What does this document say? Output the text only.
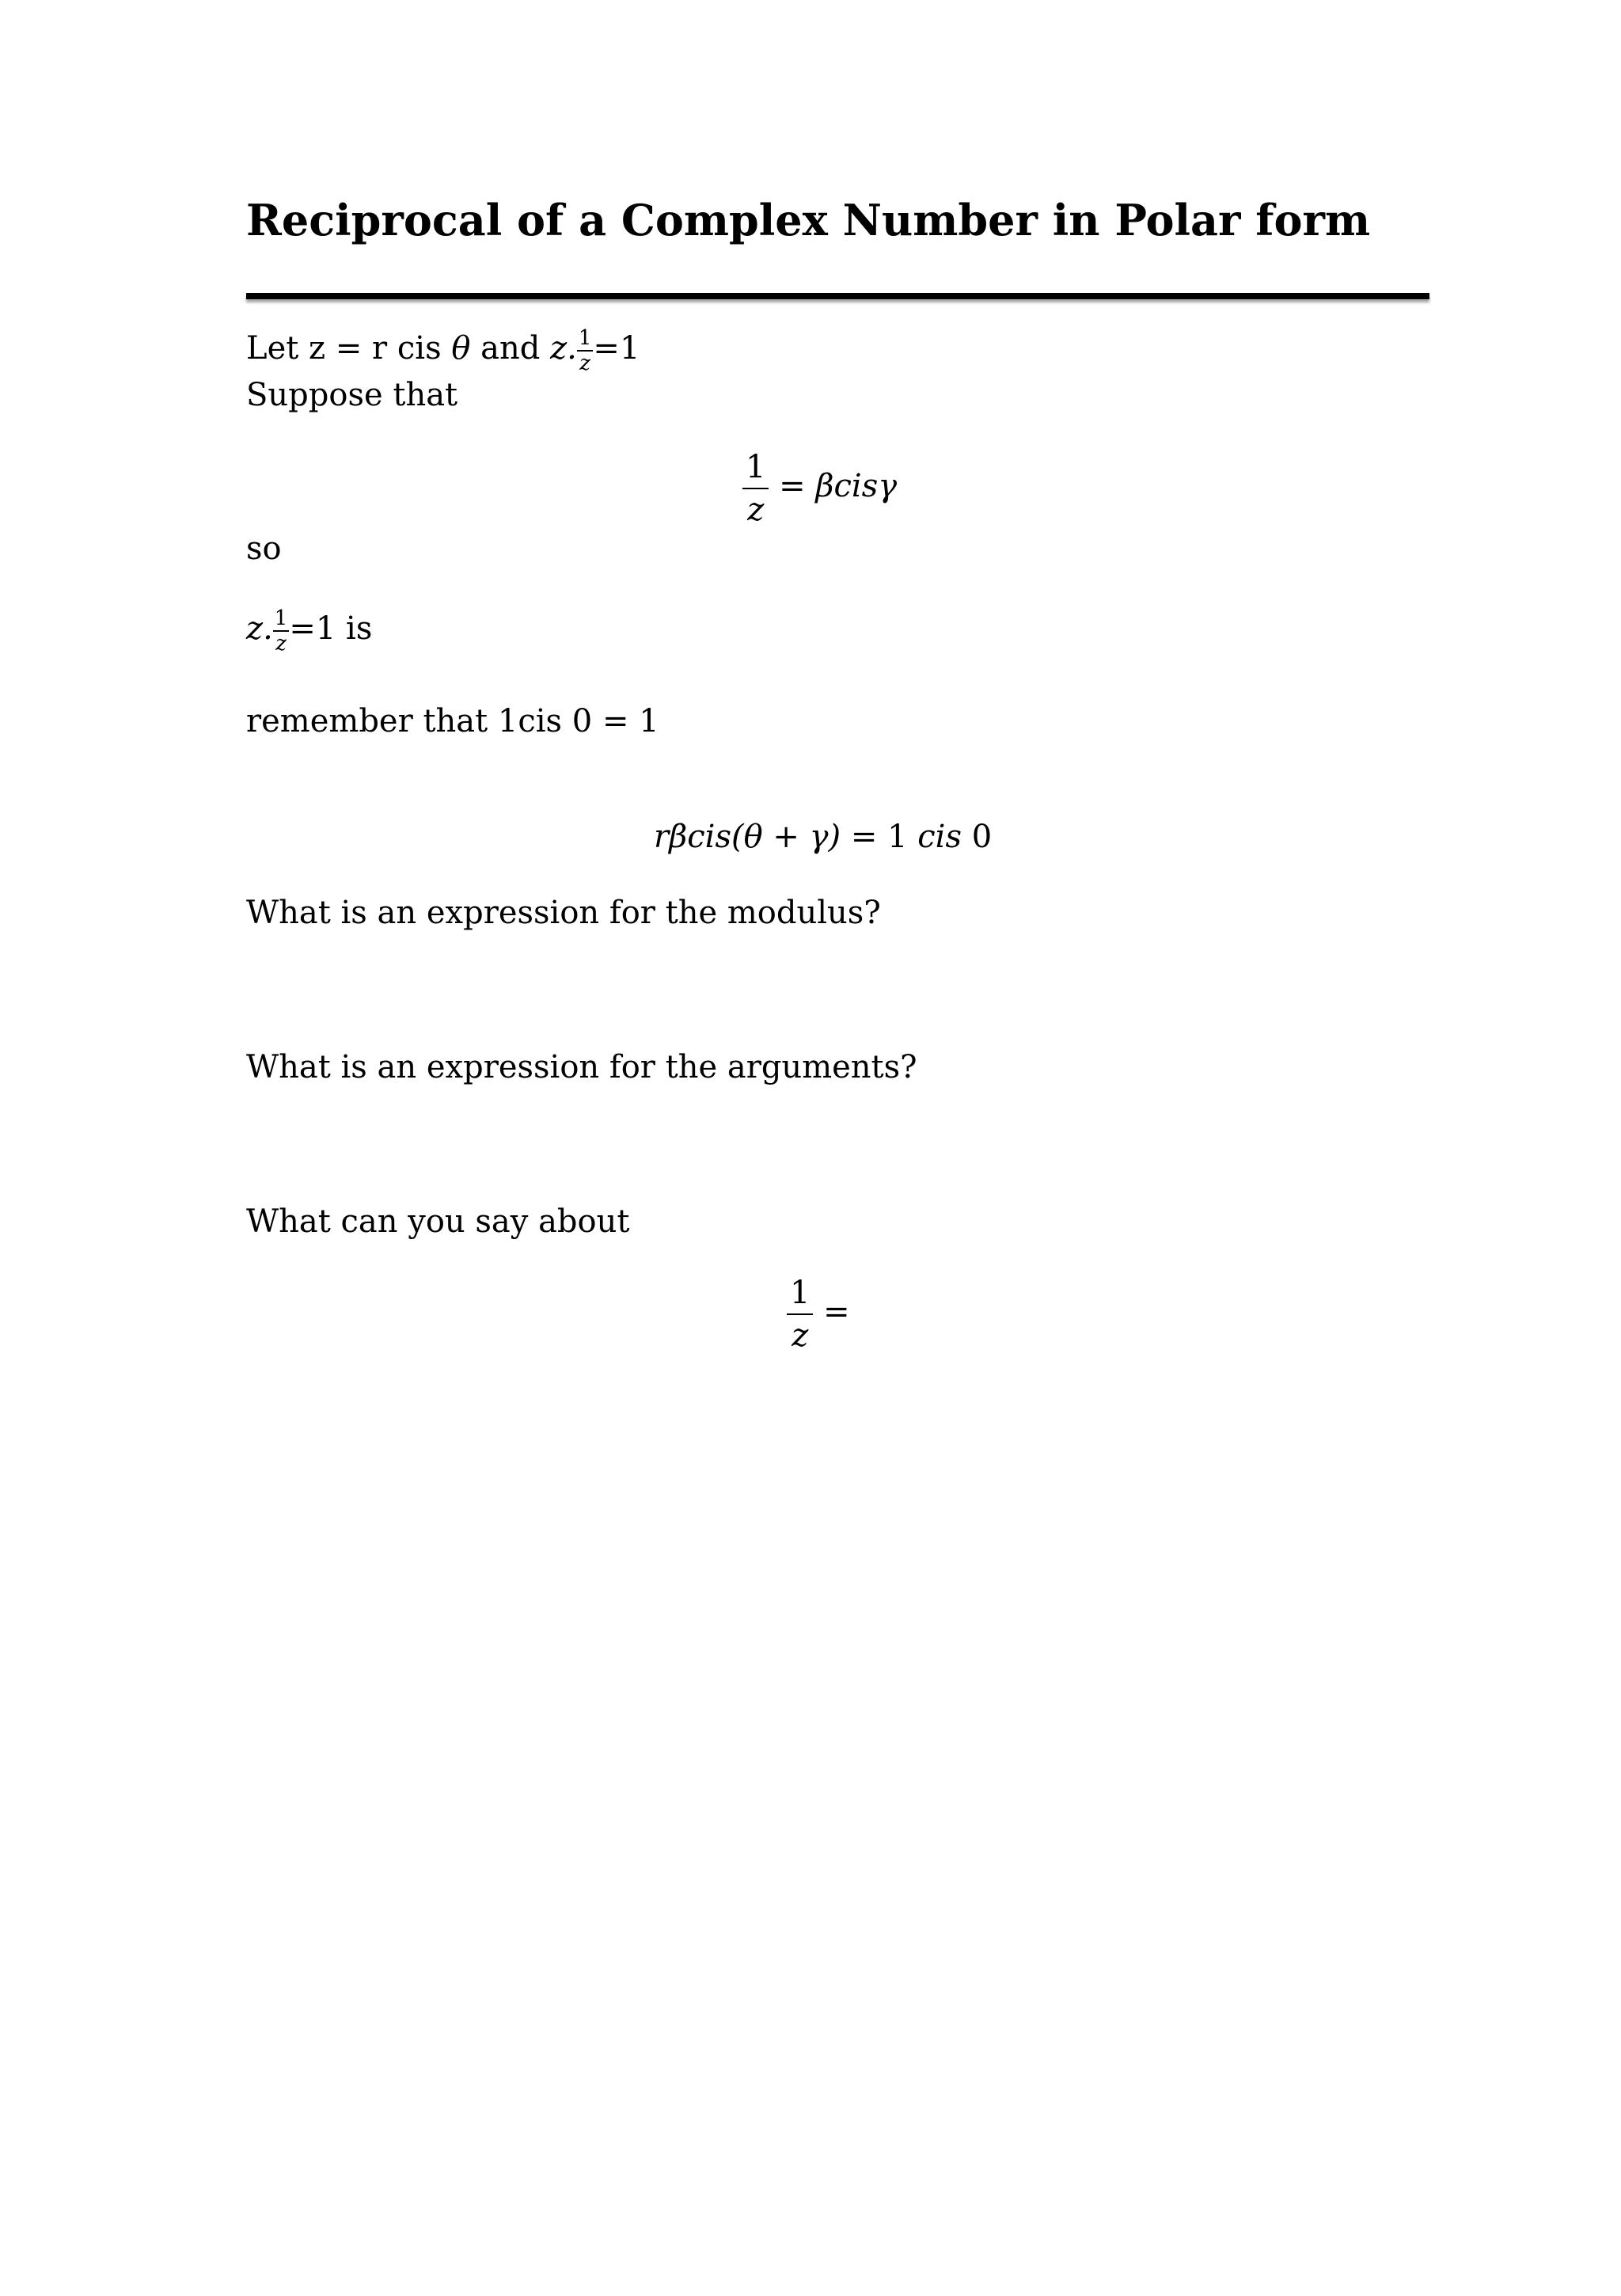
Reciprocal of a Complex Number in Polar form
Let z = r cis θ and z. $\frac{1}{z} =1$
Suppose that
$\frac{1}{z} = \beta cis\gamma$
so
z. $\frac{1}{z} =1$ is
remember that 1cis 0 = 1
rβcis(θ + γ) = 1 cis 0
What is an expression for the modulus?
What is an expression for the arguments?
What can you say about
$\frac{1}{z}$ =
